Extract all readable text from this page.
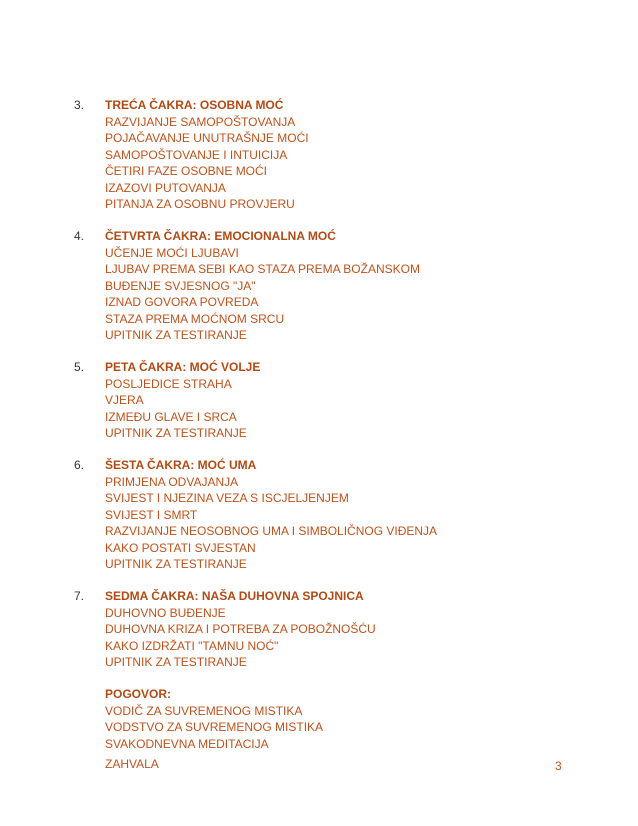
3. TREĆA ČAKRA: OSOBNA MOĆ
RAZVIJANJE SAMOPOŠTOVANJA
POJAČAVANJE UNUTRAŠNJE MOĆI
SAMOPOŠTOVANJE I INTUICIJA
ČETIRI FAZE OSOBNE MOĆI
IZAZOVI PUTOVANJA
PITANJA ZA OSOBNU PROVJERU
4. ČETVRTA ČAKRA: EMOCIONALNA MOĆ
UČENJE MOĆI LJUBAVI
LJUBAV PREMA SEBI KAO STAZA PREMA BOŽANSKOM
BUĐENJE SVJESNOG "JA"
IZNAD GOVORA POVREDA
STAZA PREMA MOĆNOM SRCU
UPITNIK ZA TESTIRANJE
5. PETA ČAKRA: MOĆ VOLJE
POSLJEDICE STRAHA
VJERA
IZMEĐU GLAVE I SRCA
UPITNIK ZA TESTIRANJE
6. ŠESTA ČAKRA: MOĆ UMA
PRIMJENA ODVAJANJA
SVIJEST I NJEZINA VEZA S ISCJELJENJEM
SVIJEST I SMRT
RAZVIJANJE NEOSOBNOG UMA I SIMBOLIČNOG VIĐENJA
KAKO POSTATI SVJESTAN
UPITNIK ZA TESTIRANJE
7. SEDMA ČAKRA: NAŠA DUHOVNA SPOJNICA
DUHOVNO BUĐENJE
DUHOVNA KRIZA I POTREBA ZA POBOŽNOŠĆU
KAKO IZDRŽATI "TAMNU NOĆ"
UPITNIK ZA TESTIRANJE
POGOVOR:
VODIČ ZA SUVREMENOG MISTIKA
VODSTVO ZA SUVREMENOG MISTIKA
SVAKODNEVNA MEDITACIJA
ZAHVALA	3
